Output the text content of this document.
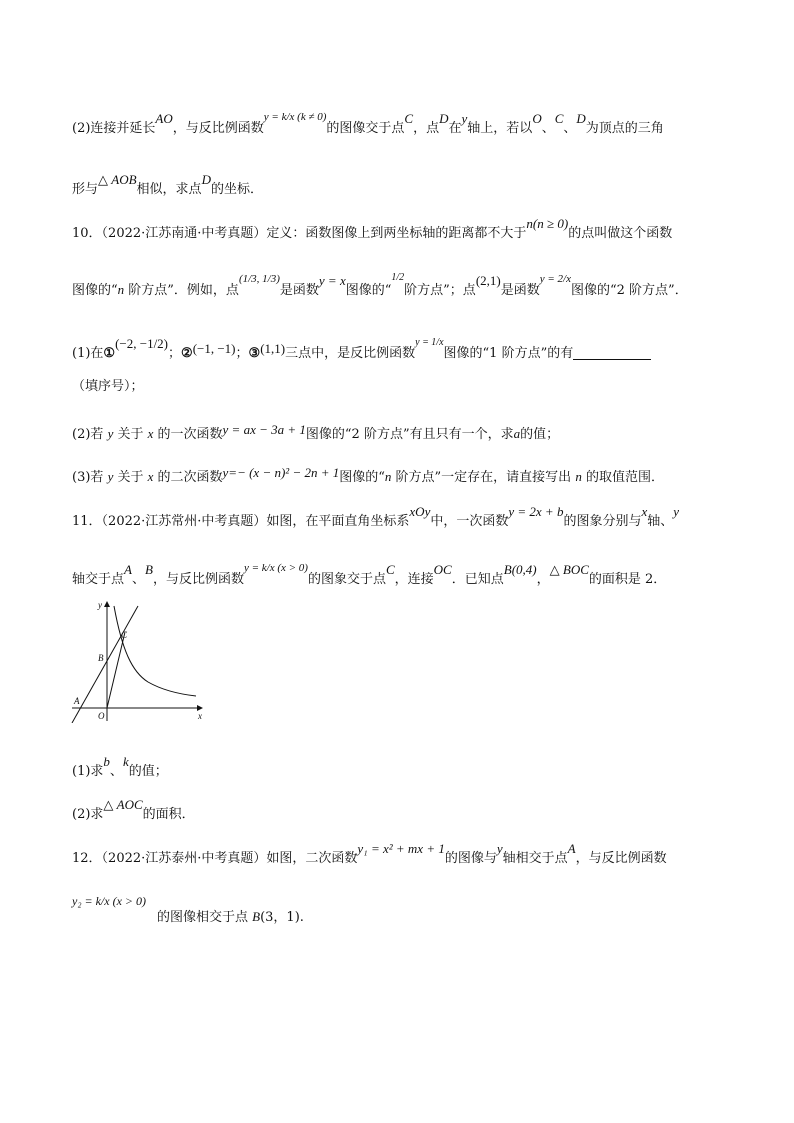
(2)连接并延长AO，与反比例函数$^{y = k/x (k \ne 0)}$的图像交于点C，点D在y轴上，若以O、C、D为顶点的三角
形与△ AOB相似，求点D的坐标．
10．（2022·江苏南通·中考真题）定义：函数图像上到两坐标轴的距离都不大于n(n ≥ 0)的点叫做这个函数
图像的“n 阶方点”．例如，点$^{(1/3, 1/3)}$是函数y = x图像的“$^{1/2}$阶方点”；点(2,1)是函数$^{y = 2/x}$图像的“2 阶方点”．
(1)在①(−2, −1/2)；②(−1, −1)；③(1,1)三点中，是反比例函数$^{y = 1/x}$图像的“1 阶方点”的有
（填序号）；
(2)若 y 关于 x 的一次函数y = ax − 3a + 1图像的“2 阶方点”有且只有一个，求a的值；
(3)若 y 关于 x 的二次函数y=− (x − n)² − 2n + 1图像的“n 阶方点”一定存在，请直接写出 n 的取值范围．
11．（2022·江苏常州·中考真题）如图，在平面直角坐标系xOy中，一次函数y = 2x + b的图象分别与x轴、y
轴交于点A、B，与反比例函数$^{y = k/x (x > 0)}$的图象交于点C，连接OC．已知点B(0,4)，△ BOC的面积是 2．
y
x
C
B
A
O
(1)求b、k的值；
(2)求△ AOC的面积．
12．（2022·江苏泰州·中考真题）如图，二次函数y₁ = x² + mx + 1的图像与y轴相交于点A，与反比例函数
y₂ = k/x (x > 0)
的图像相交于点 B(3，1).
